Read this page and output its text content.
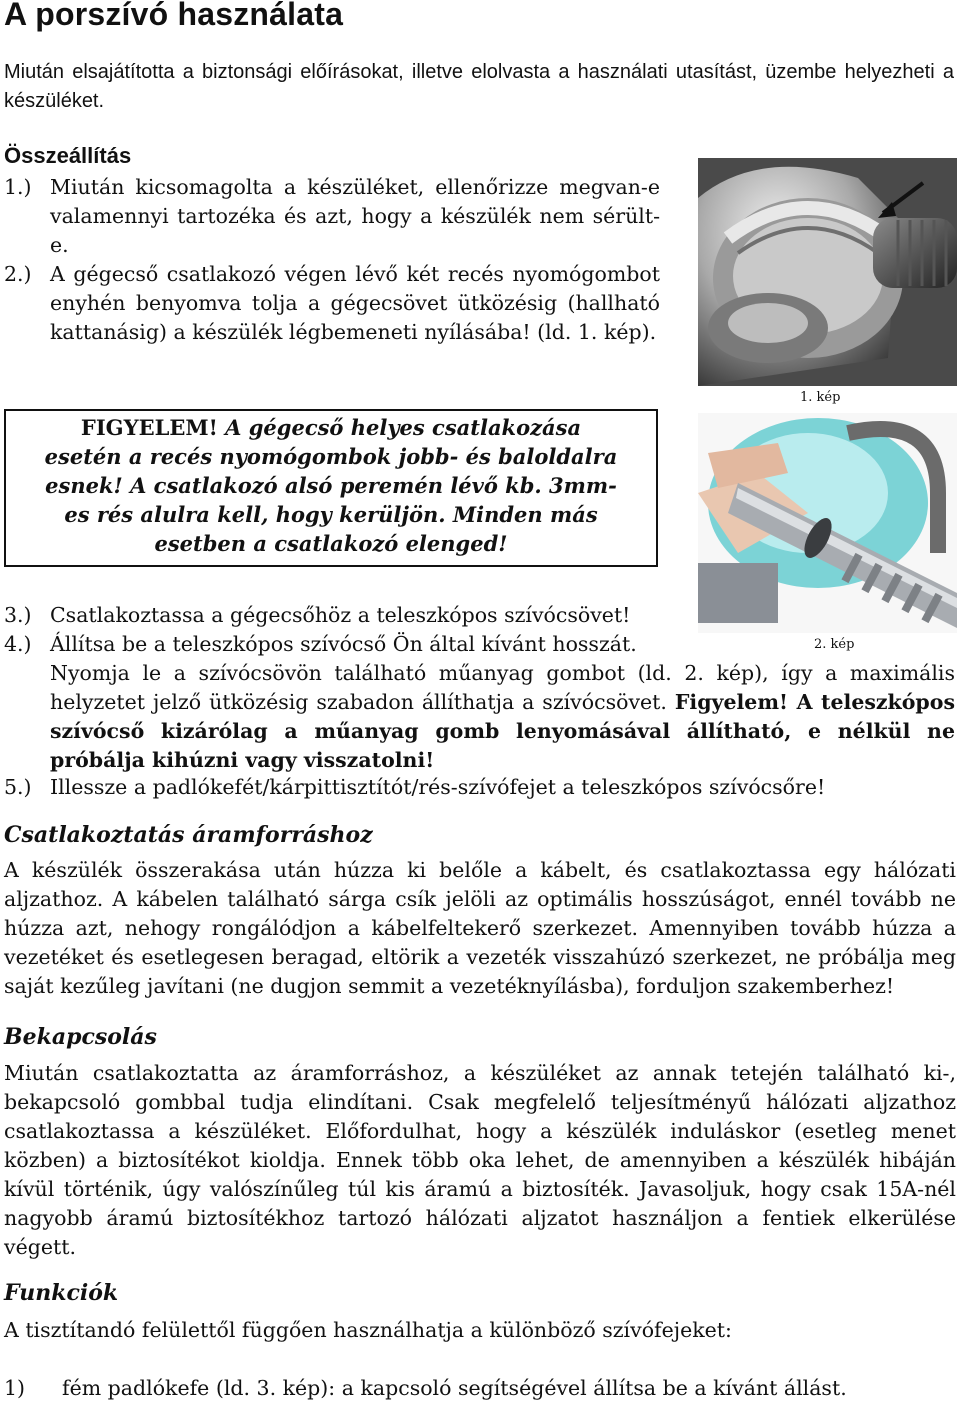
A porszívó használata

Miután elsajátította a biztonsági előírásokat, illetve elolvasta a használati utasítást, üzembe helyezheti a készüléket.

Összeállítás
1.) Miután kicsomagolta a készüléket, ellenőrizze megvan-e valamennyi tartozéka és azt, hogy a készülék nem sérült-e.

2.) A gégecső csatlakozó végen lévő két recés nyomógombot enyhén benyomva tolja a gégecsövet ütközésig (hallható kattanásig) a készülék légbemeneti nyílásába! (ld. 1. kép).

FIGYELEM! A gégecső helyes csatlakozása

esetén a recés nyomógombok jobb- és baloldalra

esnek! A csatlakozó alsó peremén lévő kb. 3mm-

es rés alulra kell, hogy kerüljön. Minden más

esetben a csatlakozó elenged!

1. kép
2. kép
3.) Csatlakoztassa a gégecsőhöz a teleszkópos szívócsövet!

4.) Állítsa be a teleszkópos szívócső Ön által kívánt hosszát.

Nyomja le a szívócsövön található műanyag gombot (ld. 2. kép), így a maximális helyzetet jelző ütközésig szabadon állíthatja a szívócsövet. Figyelem! A teleszkópos szívócső kizárólag a műanyag gomb lenyomásával állítható, e nélkül ne próbálja kihúzni vagy visszatolni!

5.) Illessze a padlókefét/kárpittisztítót/rés-szívófejet a teleszkópos szívócsőre!

Csatlakoztatás áramforráshoz

A készülék összerakása után húzza ki belőle a kábelt, és csatlakoztassa egy hálózati aljzathoz. A kábelen található sárga csík jelöli az optimális hosszúságot, ennél tovább ne húzza azt, nehogy rongálódjon a kábelfeltekerő szerkezet. Amennyiben tovább húzza a vezetéket és esetlegesen beragad, eltörik a vezeték visszahúzó szerkezet, ne próbálja meg saját kezűleg javítani (ne dugjon semmit a vezetéknyílásba), forduljon szakemberhez!

Bekapcsolás

Miután csatlakoztatta az áramforráshoz, a készüléket az annak tetején található ki-, bekapcsoló gombbal tudja elindítani. Csak megfelelő teljesítményű hálózati aljzathoz csatlakoztassa a készüléket. Előfordulhat, hogy a készülék induláskor (esetleg menet közben) a biztosítékot kioldja. Ennek több oka lehet, de amennyiben a készülék hibáján kívül történik, úgy valószínűleg túl kis áramú a biztosíték. Javasoljuk, hogy csak 15A-nél nagyobb áramú biztosítékhoz tartozó hálózati aljzatot használjon a fentiek elkerülése végett.

Funkciók

A tisztítandó felülettől függően használhatja a különböző szívófejeket:

1) fém padlókefe (ld. 3. kép): a kapcsoló segítségével állítsa be a kívánt állást.
